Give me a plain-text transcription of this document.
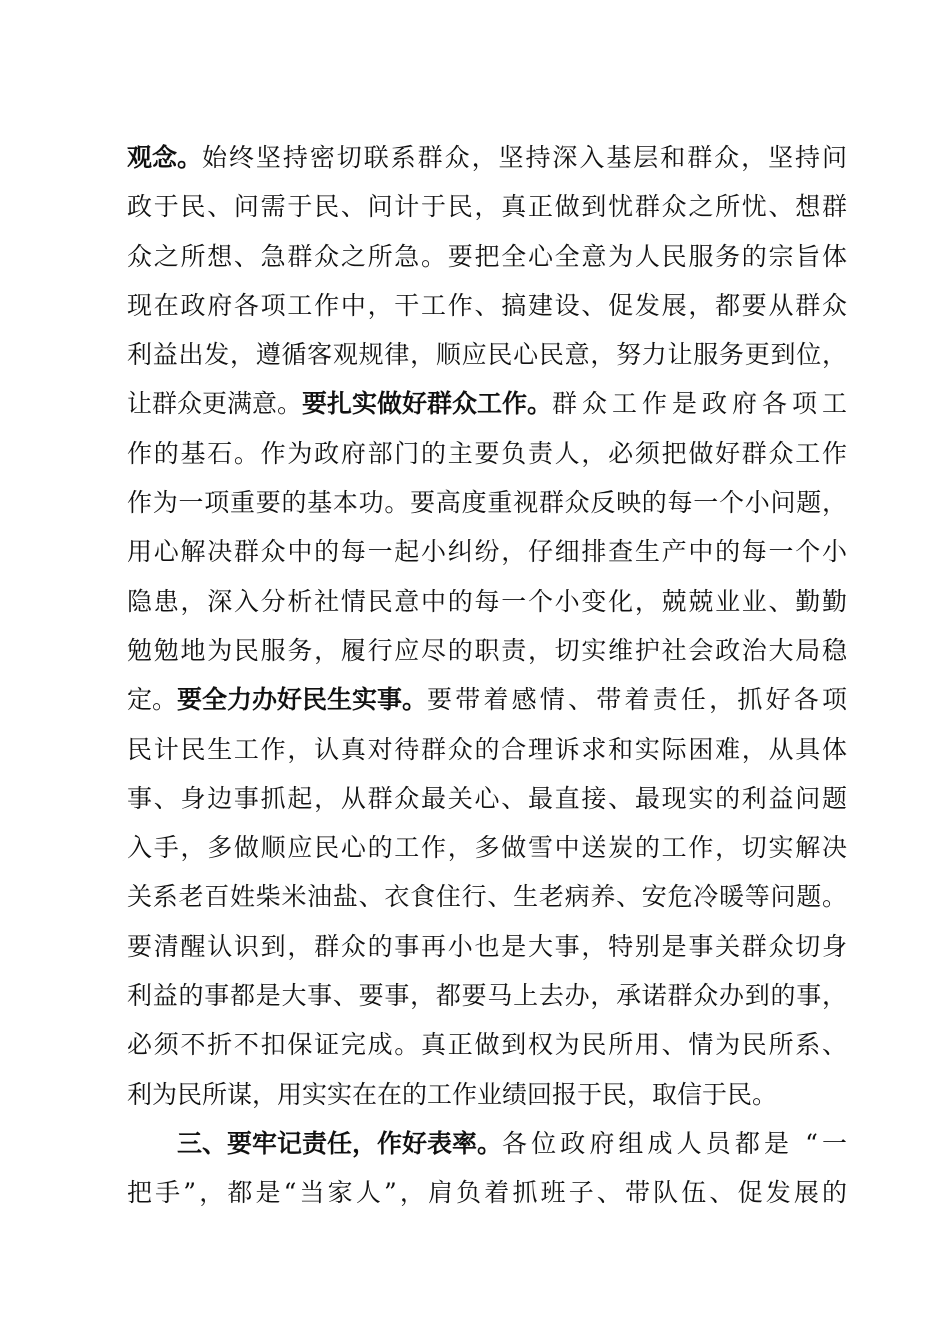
观念。 始终坚持密切联系群众，坚持深入基层和群众，坚持问
政于民、问需于民、问计于民，真正做到忧群众之所忧、想群
众之所想、急群众之所急。要把全心全意为人民服务的宗旨体
现在政府各项工作中，干工作、搞建设、促发展，都要从群众
利益出发，遵循客观规律，顺应民心民意，努力让服务更到位，
让群众更满意。 要扎实做好群众工作。 群众工作是政府各项工
作的基石。作为政府部门的主要负责人，必须把做好群众工作
作为一项重要的基本功。要高度重视群众反映的每一个小问题，
用心解决群众中的每一起小纠纷，仔细排查生产中的每一个小
隐患，深入分析社情民意中的每一个小变化，兢兢业业、勤勤
勉勉地为民服务，履行应尽的职责，切实维护社会政治大局稳
定。 要全力办好民生实事。 要带着感情、带着责任，抓好各项
民计民生工作，认真对待群众的合理诉求和实际困难，从具体
事、身边事抓起，从群众最关心、最直接、最现实的利益问题
入手，多做顺应民心的工作，多做雪中送炭的工作，切实解决
关系老百姓柴米油盐、衣食住行、生老病养、安危冷暖等问题。
要清醒认识到，群众的事再小也是大事，特别是事关群众切身
利益的事都是大事、要事，都要马上去办，承诺群众办到的事，
必须不折不扣保证完成。真正做到权为民所用、情为民所系、
利为民所谋，用实实在在的工作业绩回报于民，取信于民。
三、要牢记责任，作好表率。 各位政府组成人员都是 “一
把手”，都是“当家人”，肩负着抓班子、带队伍、促发展的
